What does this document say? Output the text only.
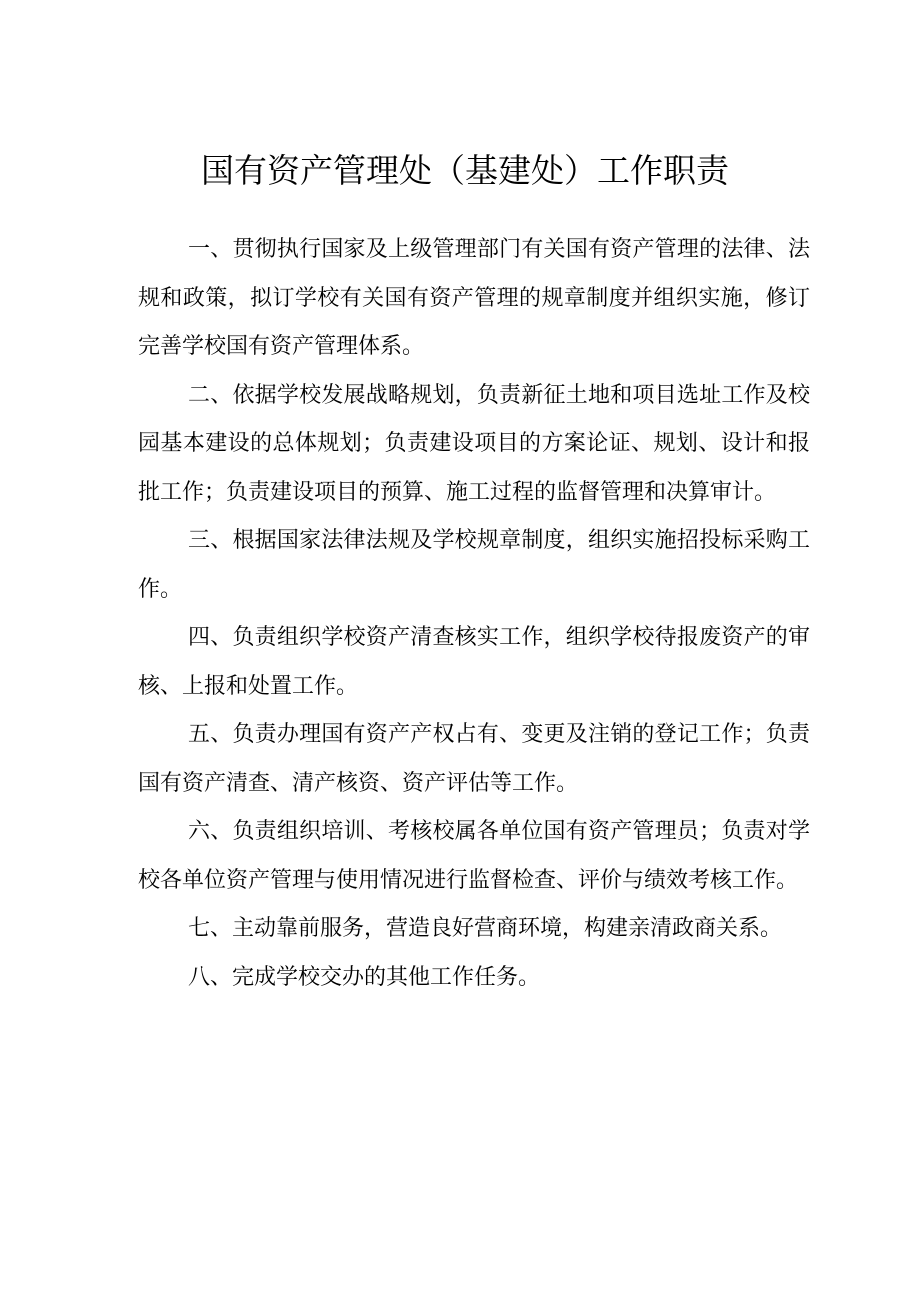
国有资产管理处（基建处）工作职责

一、贯彻执行国家及上级管理部门有关国有资产管理的法律、法规和政策，拟订学校有关国有资产管理的规章制度并组织实施，修订完善学校国有资产管理体系。

二、依据学校发展战略规划，负责新征土地和项目选址工作及校园基本建设的总体规划；负责建设项目的方案论证、规划、设计和报批工作；负责建设项目的预算、施工过程的监督管理和决算审计。

三、根据国家法律法规及学校规章制度，组织实施招投标采购工作。

四、负责组织学校资产清查核实工作，组织学校待报废资产的审核、上报和处置工作。

五、负责办理国有资产产权占有、变更及注销的登记工作；负责国有资产清查、清产核资、资产评估等工作。

六、负责组织培训、考核校属各单位国有资产管理员；负责对学校各单位资产管理与使用情况进行监督检查、评价与绩效考核工作。

七、主动靠前服务，营造良好营商环境，构建亲清政商关系。

八、完成学校交办的其他工作任务。
